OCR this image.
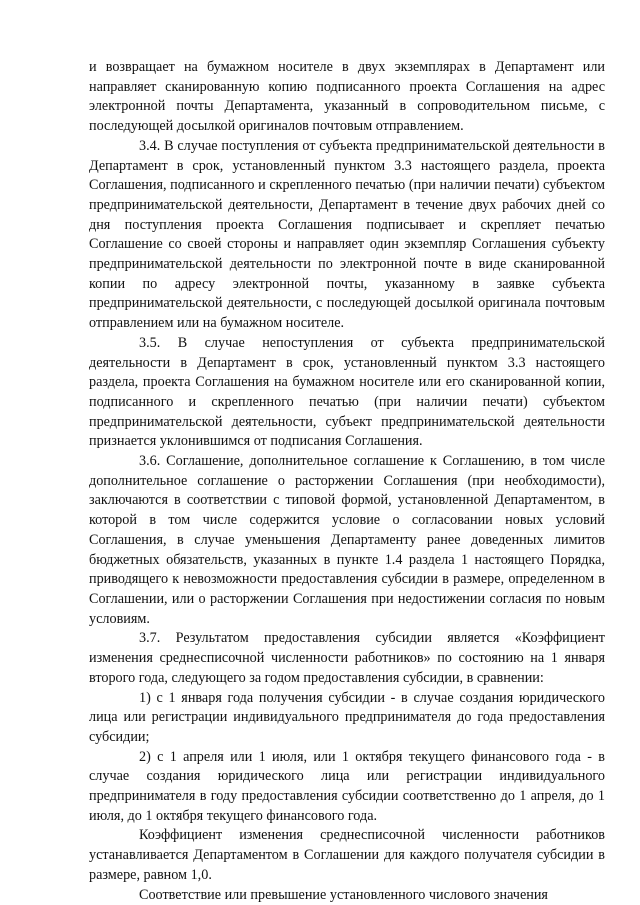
и возвращает на бумажном носителе в двух экземплярах в Департамент или направляет сканированную копию подписанного проекта Соглашения на адрес электронной почты Департамента, указанный в сопроводительном письме, с последующей досылкой оригиналов почтовым отправлением.

3.4. В случае поступления от субъекта предпринимательской деятельности в Департамент в срок, установленный пунктом 3.3 настоящего раздела, проекта Соглашения, подписанного и скрепленного печатью (при наличии печати) субъектом предпринимательской деятельности, Департамент в течение двух рабочих дней со дня поступления проекта Соглашения подписывает и скрепляет печатью Соглашение со своей стороны и направляет один экземпляр Соглашения субъекту предпринимательской деятельности по электронной почте в виде сканированной копии по адресу электронной почты, указанному в заявке субъекта предпринимательской деятельности, с последующей досылкой оригинала почтовым отправлением или на бумажном носителе.

3.5. В случае непоступления от субъекта предпринимательской деятельности в Департамент в срок, установленный пунктом 3.3 настоящего раздела, проекта Соглашения на бумажном носителе или его сканированной копии, подписанного и скрепленного печатью (при наличии печати) субъектом предпринимательской деятельности, субъект предпринимательской деятельности признается уклонившимся от подписания Соглашения.

3.6. Соглашение, дополнительное соглашение к Соглашению, в том числе дополнительное соглашение о расторжении Соглашения (при необходимости), заключаются в соответствии с типовой формой, установленной Департаментом, в которой в том числе содержится условие о согласовании новых условий Соглашения, в случае уменьшения Департаменту ранее доведенных лимитов бюджетных обязательств, указанных в пункте 1.4 раздела 1 настоящего Порядка, приводящего к невозможности предоставления субсидии в размере, определенном в Соглашении, или о расторжении Соглашения при недостижении согласия по новым условиям.

3.7. Результатом предоставления субсидии является «Коэффициент изменения среднесписочной численности работников» по состоянию на 1 января второго года, следующего за годом предоставления субсидии, в сравнении:

1) с 1 января года получения субсидии - в случае создания юридического лица или регистрации индивидуального предпринимателя до года предоставления субсидии;

2) с 1 апреля или 1 июля, или 1 октября текущего финансового года - в случае создания юридического лица или регистрации индивидуального предпринимателя в году предоставления субсидии соответственно до 1 апреля, до 1 июля, до 1 октября текущего финансового года.

Коэффициент изменения среднесписочной численности работников устанавливается Департаментом в Соглашении для каждого получателя субсидии в размере, равном 1,0.

Соответствие или превышение установленного числового значения
